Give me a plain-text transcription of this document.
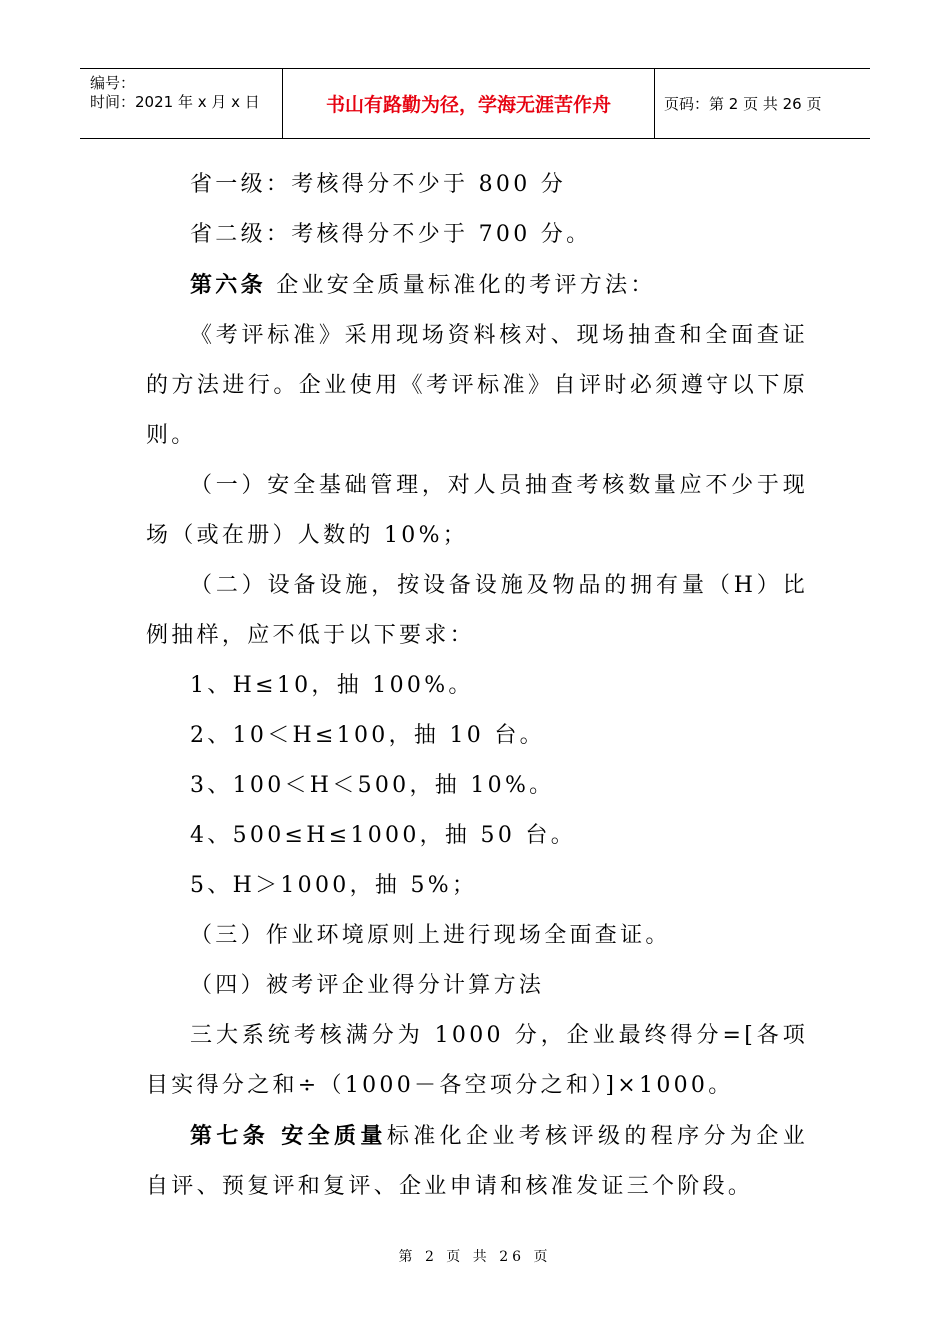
编号：
时间：2021 年 x 月 x 日	书山有路勤为径，学海无涯苦作舟	页码：第 2 页 共 26 页

省一级：考核得分不少于 800 分

省二级：考核得分不少于 700 分。

第六条 企业安全质量标准化的考评方法：

《考评标准》采用现场资料核对、现场抽查和全面查证的方法进行。企业使用《考评标准》自评时必须遵守以下原则。

（一）安全基础管理，对人员抽查考核数量应不少于现场（或在册）人数的 10%；

（二）设备设施，按设备设施及物品的拥有量（H）比例抽样，应不低于以下要求：

1、H≤10，抽 100%。

2、10＜H≤100，抽 10 台。

3、100＜H＜500，抽 10%。

4、500≤H≤1000，抽 50 台。

5、H＞1000，抽 5%；

（三）作业环境原则上进行现场全面查证。

（四）被考评企业得分计算方法

三大系统考核满分为 1000 分，企业最终得分=[各项目实得分之和÷（1000－各空项分之和）]×1000。

第七条 安全质量标准化企业考核评级的程序分为企业自评、预复评和复评、企业申请和核准发证三个阶段。

第 2 页 共 26 页
